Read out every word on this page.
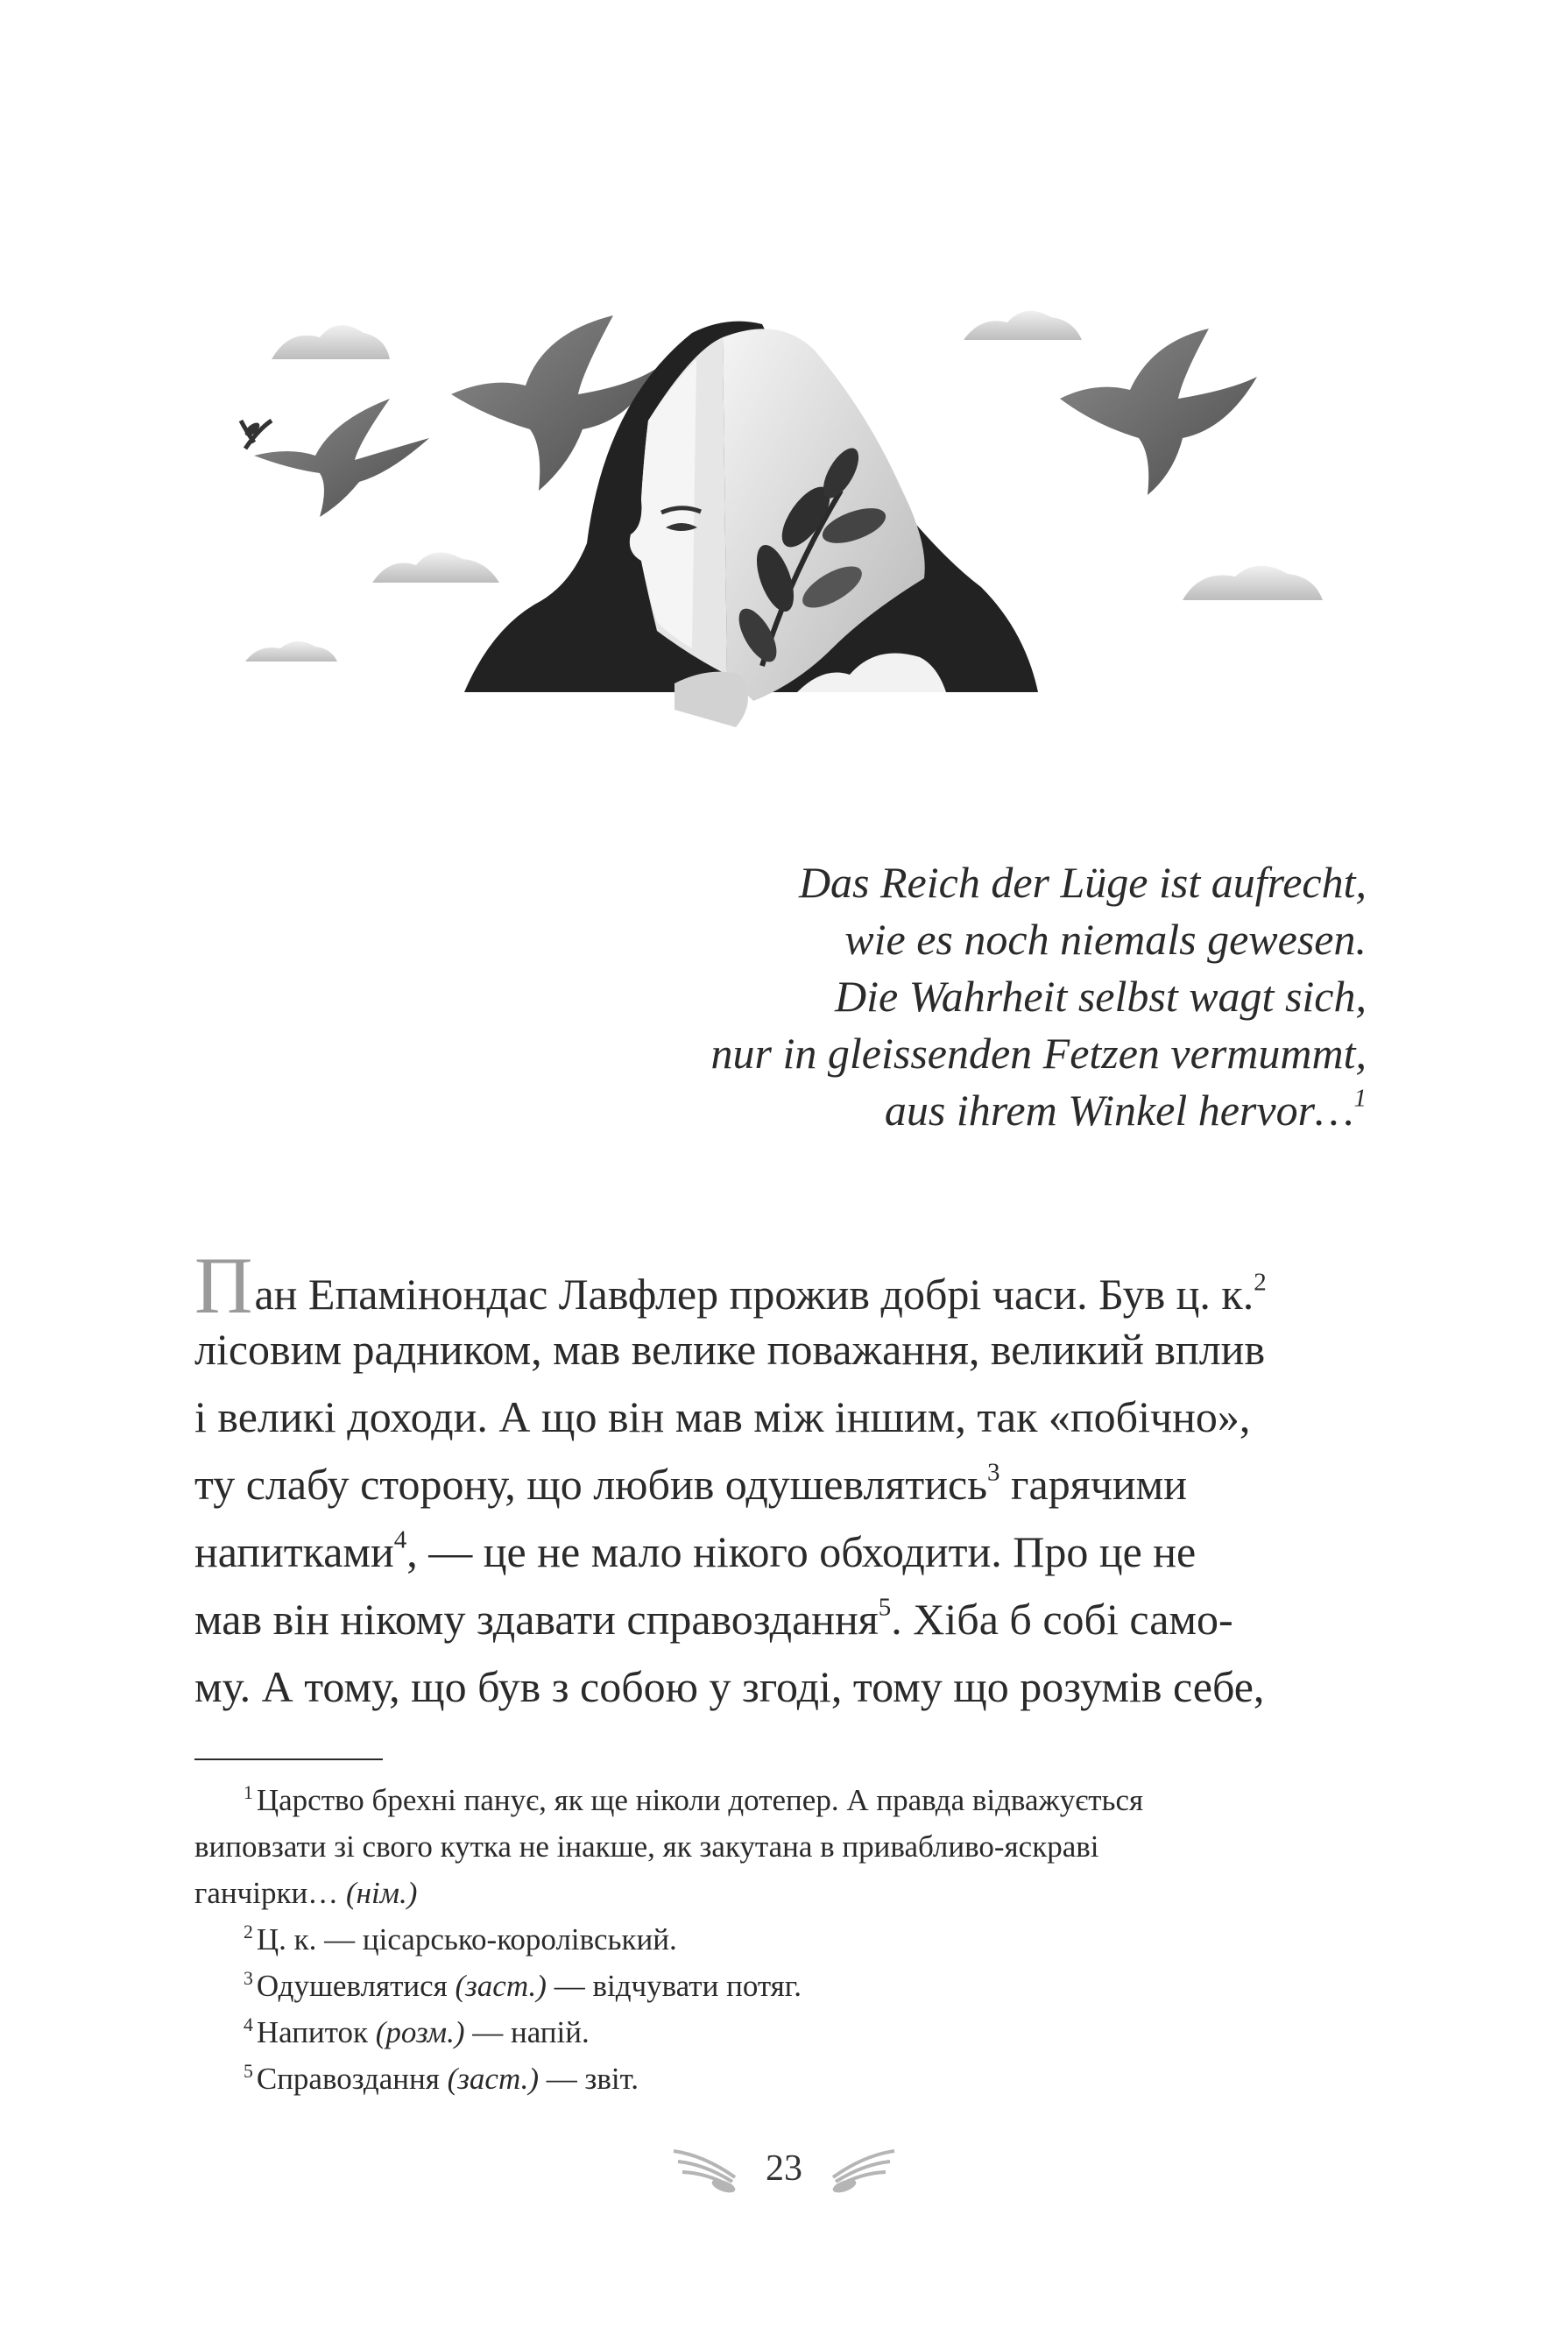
Das Reich der Lüge ist aufrecht,
wie es noch niemals gewesen.
Die Wahrheit selbst wagt sich,
nur in gleissenden Fetzen vermummt,
aus ihrem Winkel hervor…$^1$
Пан Епамінондас Лавфлер прожив добрі часи. Був ц. к.$^2$
лісовим радником, мав велике поважання, великий вплив
і великі доходи. А що він мав між іншим, так «побічно»,
ту слабу сторону, що любив одушевлятись$^3$ гарячими
напитками$^4$, — це не мало нікого обходити. Про це не
мав він нікому здавати справоздання$^5$. Хіба б собі само-
му. А тому, що був з собою у згоді, тому що розумів себе,
$^1$ Царство брехні панує, як ще ніколи дотепер. А правда відважується
виповзати зі свого кутка не інакше, як закутана в привабливо-яскраві
ганчірки… (нім.)
$^2$ Ц. к. — цісарсько-королівський.
$^3$ Одушевлятися (заст.) — відчувати потяг.
$^4$ Напиток (розм.) — напій.
$^5$ Справоздання (заст.) — звіт.
23
